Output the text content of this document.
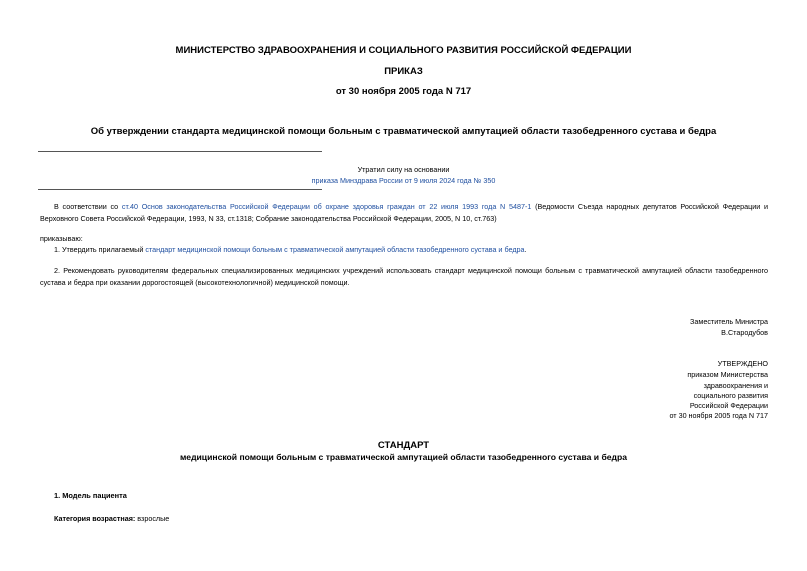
МИНИСТЕРСТВО ЗДРАВООХРАНЕНИЯ И СОЦИАЛЬНОГО РАЗВИТИЯ РОССИЙСКОЙ ФЕДЕРАЦИИ
ПРИКАЗ
от 30 ноября 2005 года N 717
Об утверждении стандарта медицинской помощи больным с травматической ампутацией области тазобедренного сустава и бедра
Утратил силу на основании
приказа Минздрава России от 9 июля 2024 года № 350
В соответствии со ст.40 Основ законодательства Российской Федерации об охране здоровья граждан от 22 июля 1993 года N 5487-1 (Ведомости Съезда народных депутатов Российской Федерации и
Верховного Совета Российской Федерации, 1993, N 33, ст.1318; Собрание законодательства Российской Федерации, 2005, N 10, ст.763)
приказываю:
1. Утвердить прилагаемый стандарт медицинской помощи больным с травматической ампутацией области тазобедренного сустава и бедра.
2. Рекомендовать руководителям федеральных специализированных медицинских учреждений использовать стандарт медицинской помощи больным с травматической ампутацией области тазобедренного
сустава и бедра при оказании дорогостоящей (высокотехнологичной) медицинской помощи.
Заместитель Министра
В.Стародубов
УТВЕРЖДЕНО
приказом Министерства
здравоохранения и
социального развития
Российской Федерации
от 30 ноября 2005 года N 717
СТАНДАРТ
медицинской помощи больным с травматической ампутацией области тазобедренного сустава и бедра
1. Модель пациента
Категория возрастная: взрослые
